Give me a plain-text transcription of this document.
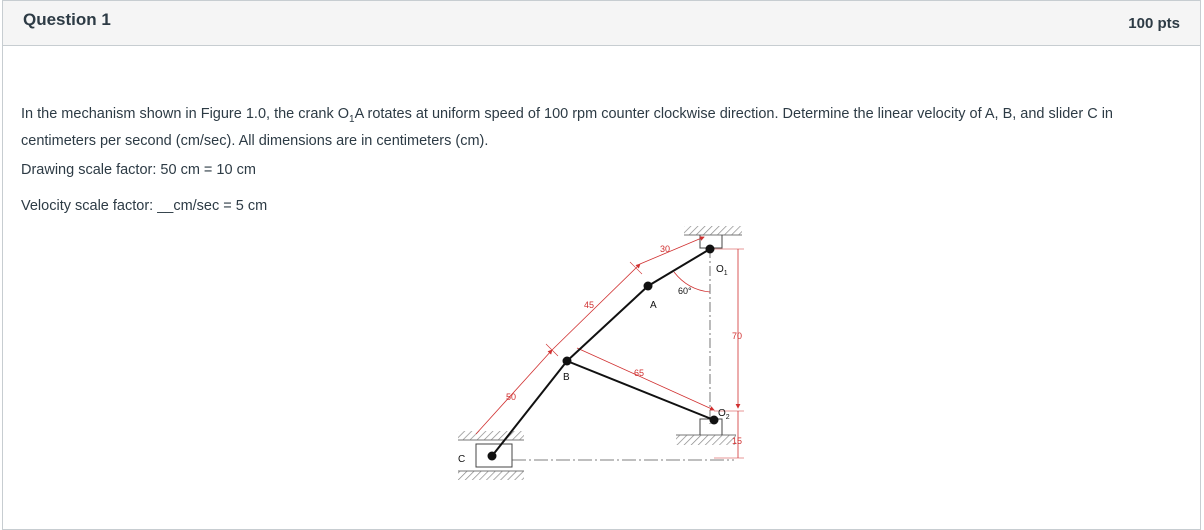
Question 1	100 pts

In the mechanism shown in Figure 1.0, the crank $O_1A$ rotates at uniform speed of 100 rpm counter clockwise direction. Determine the linear velocity of A, B, and slider C in centimeters per second (cm/sec). All dimensions are in centimeters (cm).

Drawing scale factor: 50 cm = 10 cm

Velocity scale factor: __cm/sec = 5 cm

A
B
C
$O_1$
$O_2$
30
45
50
65
70
15
60°
